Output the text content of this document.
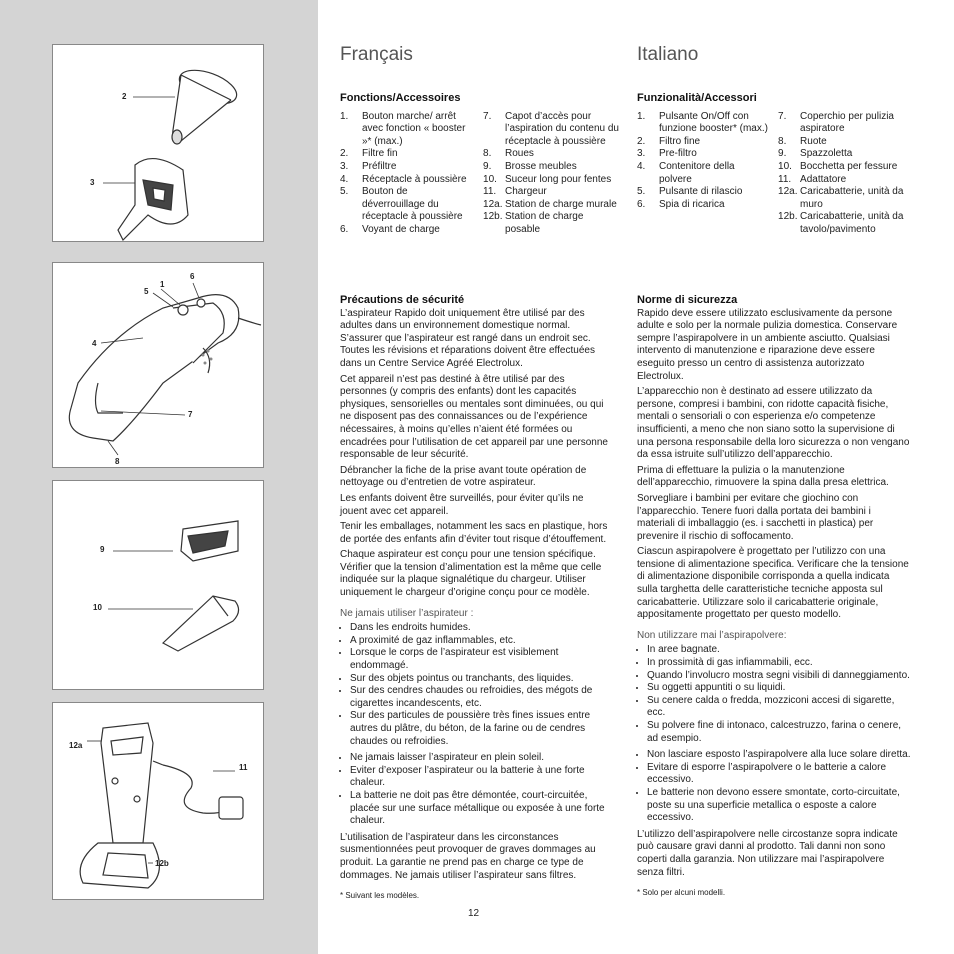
2
3
1
6
5
4
7
8
9
10
12a
11
12b
Français
Fonctions/Accessoires
1.	Bouton marche/ arrêt avec fonction « booster »* (max.)
2.	Filtre fin
3.	Préfiltre
4.	Réceptacle à poussière
5.	Bouton de déverrouillage du réceptacle à poussière
6.	Voyant de charge
7.	Capot d’accès pour l’aspiration du contenu du réceptacle à poussière
8.	Roues
9.	Brosse meubles
10. Suceur long pour fentes
11. Chargeur
12a. Station de charge murale
12b. Station de charge posable
Précautions de sécurité

L’aspirateur Rapido doit uniquement être utilisé par des adultes dans un environnement domestique normal. S’assurer que l’aspirateur est rangé dans un endroit sec. Toutes les révisions et réparations doivent être effectuées dans un Centre Service Agréé Electrolux.

Cet appareil n’est pas destiné à être utilisé par des personnes (y compris des enfants) dont les capacités physiques, sensorielles ou mentales sont diminuées, ou qui ne disposent pas des connaissances ou de l’expérience nécessaires, à moins qu’elles n’aient été formées ou encadrées pour l’utilisation de cet appareil par une personne responsable de leur sécurité.

Débrancher la fiche de la prise avant toute opération de nettoyage ou d’entretien de votre aspirateur.

Les enfants doivent être surveillés, pour éviter qu’ils ne jouent avec cet appareil.

Tenir les emballages, notamment les sacs en plastique, hors de portée des enfants afin d’éviter tout risque d’étouffement.

Chaque aspirateur est conçu pour une tension spécifique. Vérifier que la tension d’alimentation est la même que celle indiquée sur la plaque signalétique du chargeur. Utiliser uniquement le chargeur d’origine conçu pour ce modèle.

Ne jamais utiliser l’aspirateur :
• Dans les endroits humides.
• A proximité de gaz inflammables, etc.
• Lorsque le corps de l’aspirateur est visiblement endommagé.
• Sur des objets pointus ou tranchants, des liquides.
• Sur des cendres chaudes ou refroidies, des mégots de cigarettes incandescents, etc.
• Sur des particules de poussière très fines issues entre autres du plâtre, du béton, de la farine ou de cendres chaudes ou refroidies.
• Ne jamais laisser l’aspirateur en plein soleil.
• Eviter d’exposer l’aspirateur ou la batterie à une forte chaleur.
• La batterie ne doit pas être démontée, court-circuitée, placée sur une surface métallique ou exposée à une forte chaleur.

L’utilisation de l’aspirateur dans les circonstances susmentionnées peut provoquer de graves dommages au produit. La garantie ne prend pas en charge ce type de dommages. Ne jamais utiliser l’aspirateur sans filtres.

* Suivant les modèles.
Italiano
Funzionalità/Accessori
1.	Pulsante On/Off con funzione booster* (max.)
2.	Filtro fine
3.	Pre-filtro
4.	Contenitore della polvere
5.	Pulsante di rilascio
6.	Spia di ricarica
7.	Coperchio per pulizia aspiratore
8.	Ruote
9.	Spazzoletta
10. Bocchetta per fessure
11. Adattatore
12a. Caricabatterie, unità da muro
12b. Caricabatterie, unità da tavolo/pavimento
Norme di sicurezza

Rapido deve essere utilizzato esclusivamente da persone adulte e solo per la normale pulizia domestica. Conservare sempre l’aspirapolvere in un ambiente asciutto. Qualsiasi intervento di manutenzione e riparazione deve essere eseguito presso un centro di assistenza autorizzato Electrolux.

L’apparecchio non è destinato ad essere utilizzato da persone, compresi i bambini, con ridotte capacità fisiche, mentali o sensoriali o con esperienza e/o competenze insufficienti, a meno che non siano sotto la supervisione di una persona responsabile della loro sicurezza o non vengano da essa istruite sull’utilizzo dell’apparecchio.

Prima di effettuare la pulizia o la manutenzione dell’apparecchio, rimuovere la spina dalla presa elettrica.

Sorvegliare i bambini per evitare che giochino con l’apparecchio. Tenere fuori dalla portata dei bambini i materiali di imballaggio (es. i sacchetti in plastica) per prevenire il rischio di soffocamento.

Ciascun aspirapolvere è progettato per l’utilizzo con una tensione di alimentazione specifica. Verificare che la tensione di alimentazione disponibile corrisponda a quella indicata sulla targhetta delle caratteristiche tecniche apposta sul caricabatterie. Utilizzare solo il caricabatterie originale, appositamente progettato per questo modello.

Non utilizzare mai l’aspirapolvere:
• In aree bagnate.
• In prossimità di gas infiammabili, ecc.
• Quando l’involucro mostra segni visibili di danneggiamento.
• Su oggetti appuntiti o su liquidi.
• Su cenere calda o fredda, mozziconi accesi di sigarette, ecc.
• Su polvere fine di intonaco, calcestruzzo, farina o cenere, ad esempio.
• Non lasciare esposto l’aspirapolvere alla luce solare diretta.
• Evitare di esporre l’aspirapolvere o le batterie a calore eccessivo.
• Le batterie non devono essere smontate, corto-circuitate, poste su una superficie metallica o esposte a calore eccessivo.

L’utilizzo dell’aspirapolvere nelle circostanze sopra indicate può causare gravi danni al prodotto. Tali danni non sono coperti dalla garanzia. Non utilizzare mai l’aspirapolvere senza filtri.

* Solo per alcuni modelli.
12
